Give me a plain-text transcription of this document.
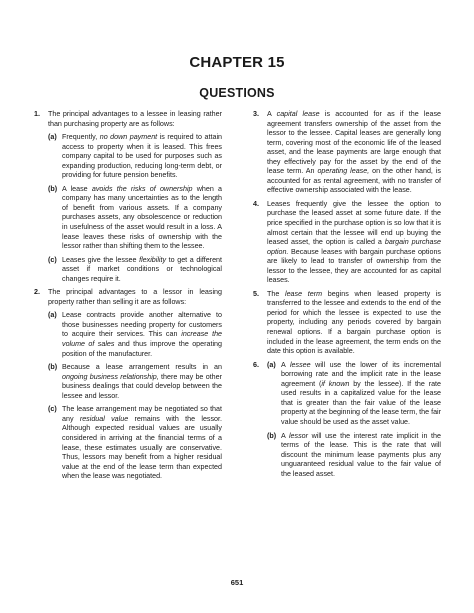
CHAPTER 15
QUESTIONS
1. The principal advantages to a lessee in leasing rather than purchasing property are as follows:

(a) Frequently, no down payment is required to attain access to property when it is leased. This frees company capital to be used for purposes such as expanding production, reducing long-term debt, or providing for future pension benefits.

(b) A lease avoids the risks of ownership when a company has many uncertainties as to the length of benefit from various assets. If a company purchases assets, any obsolescence or reduction in usefulness of the asset would result in a loss. A lease leaves these risks of ownership with the lessor rather than shifting them to the lessee.

(c) Leases give the lessee flexibility to get a different asset if market conditions or technological changes require it.

2. The principal advantages to a lessor in leasing property rather than selling it are as follows:

(a) Lease contracts provide another alternative to those businesses needing property for customers to acquire their services. This can increase the volume of sales and thus improve the operating position of the manufacturer.

(b) Because a lease arrangement results in an ongoing business relationship, there may be other business dealings that could develop between the lessee and lessor.

(c) The lease arrangement may be negotiated so that any residual value remains with the lessor. Although expected residual values are usually considered in arriving at the financial terms of a lease, these estimates usually are conservative. Thus, lessors may benefit from a higher residual value at the end of the lease term than expected when the lease was negotiated.

3. A capital lease is accounted for as if the lease agreement transfers ownership of the asset from the lessor to the lessee. Capital leases are generally long term, covering most of the economic life of the leased asset, and the lease payments are large enough that they effectively pay for the asset by the end of the lease term. An operating lease, on the other hand, is accounted for as rental agreement, with no transfer of effective ownership associated with the lease.

4. Leases frequently give the lessee the option to purchase the leased asset at some future date. If the price specified in the purchase option is so low that it is almost certain that the lessee will end up buying the leased asset, the option is called a bargain purchase option. Because leases with bargain purchase options are likely to lead to transfer of ownership from the lessor to the lessee, they are accounted for as capital leases.

5. The lease term begins when leased property is transferred to the lessee and extends to the end of the period for which the lessee is expected to use the property, including any periods covered by bargain renewal options. If a bargain purchase option is included in the lease agreement, the term ends on the date this option is available.

6. (a) A lessee will use the lower of its incremental borrowing rate and the implicit rate in the lease agreement (if known by the lessee). If the rate used results in a capitalized value for the lease that is greater than the fair value of the lease property at the beginning of the lease term, the fair value should be used as the asset value.

(b) A lessor will use the interest rate implicit in the terms of the lease. This is the rate that will discount the minimum lease payments plus any unguaranteed residual value to the fair value of the leased asset.

651
